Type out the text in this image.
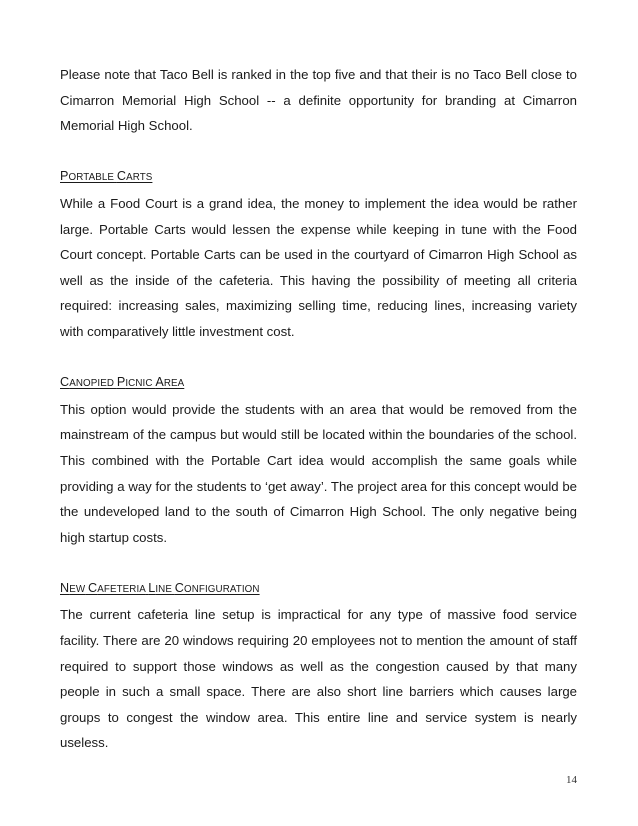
Please note that Taco Bell is ranked in the top five and that their is no Taco Bell close to Cimarron Memorial High School -- a definite opportunity for branding at Cimarron Memorial High School.

PORTABLE CARTS

While a Food Court is a grand idea, the money to implement the idea would be rather large. Portable Carts would lessen the expense while keeping in tune with the Food Court concept. Portable Carts can be used in the courtyard of Cimarron High School as well as the inside of the cafeteria. This having the possibility of meeting all criteria required: increasing sales, maximizing selling time, reducing lines, increasing variety with comparatively little investment cost.

CANOPIED PICNIC AREA

This option would provide the students with an area that would be removed from the mainstream of the campus but would still be located within the boundaries of the school. This combined with the Portable Cart idea would accomplish the same goals while providing a way for the students to ‘get away’. The project area for this concept would be the undeveloped land to the south of Cimarron High School. The only negative being high startup costs.

NEW CAFETERIA LINE CONFIGURATION

The current cafeteria line setup is impractical for any type of massive food service facility. There are 20 windows requiring 20 employees not to mention the amount of staff required to support those windows as well as the congestion caused by that many people in such a small space. There are also short line barriers which causes large groups to congest the window area. This entire line and service system is nearly useless.

14
